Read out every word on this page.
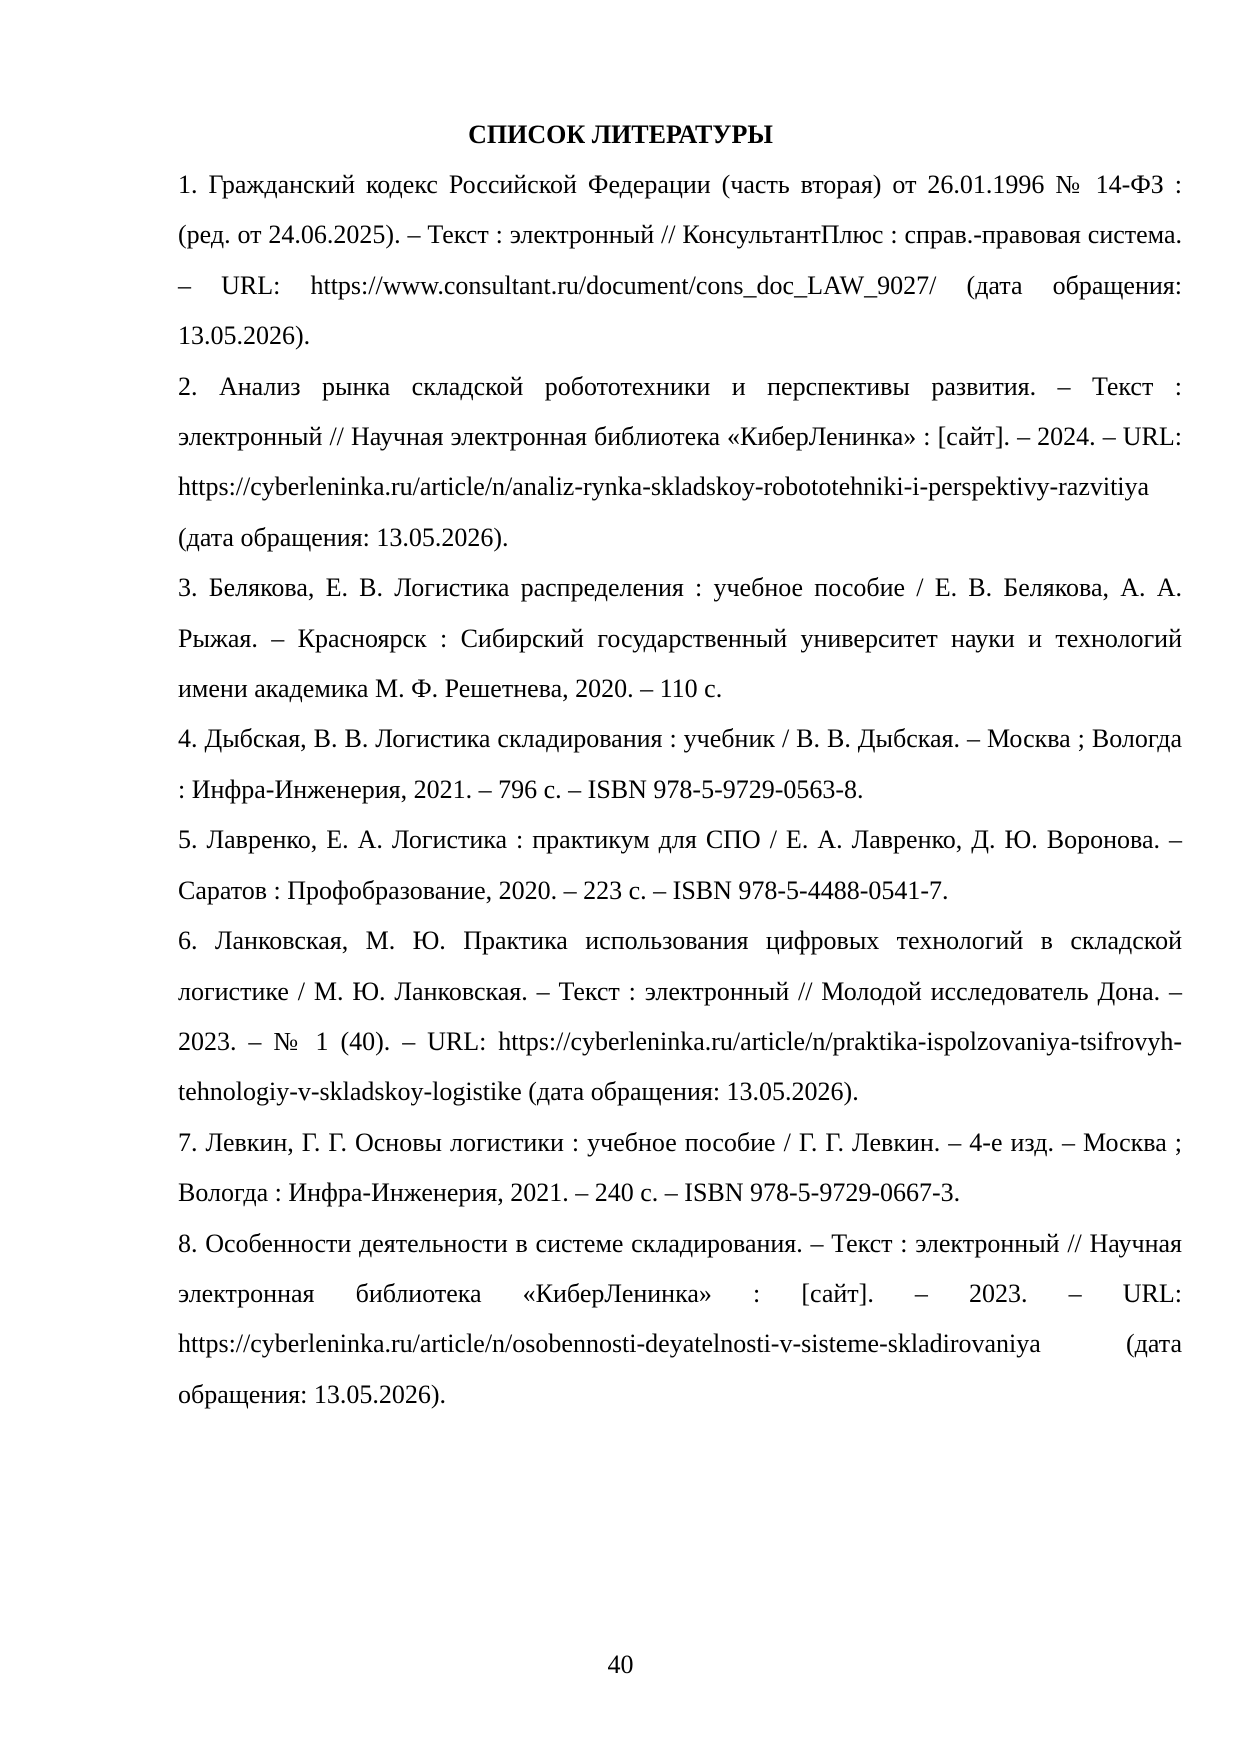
СПИСОК ЛИТЕРАТУРЫ
1. Гражданский кодекс Российской Федерации (часть вторая) от 26.01.1996 № 14-ФЗ : (ред. от 24.06.2025). – Текст : электронный // КонсультантПлюс : справ.-правовая система. – URL: https://www.consultant.ru/document/cons_doc_LAW_9027/ (дата обращения: 13.05.2026).
2. Анализ рынка складской робототехники и перспективы развития. – Текст : электронный // Научная электронная библиотека «КиберЛенинка» : [сайт]. – 2024. – URL: https://cyberleninka.ru/article/n/analiz-rynka-skladskoy-robototehniki-i-perspektivy-razvitiya (дата обращения: 13.05.2026).
3. Белякова, Е. В. Логистика распределения : учебное пособие / Е. В. Белякова, А. А. Рыжая. – Красноярск : Сибирский государственный университет науки и технологий имени академика М. Ф. Решетнева, 2020. – 110 с.
4. Дыбская, В. В. Логистика складирования : учебник / В. В. Дыбская. – Москва ; Вологда : Инфра-Инженерия, 2021. – 796 с. – ISBN 978-5-9729-0563-8.
5. Лавренко, Е. А. Логистика : практикум для СПО / Е. А. Лавренко, Д. Ю. Воронова. – Саратов : Профобразование, 2020. – 223 с. – ISBN 978-5-4488-0541-7.
6. Ланковская, М. Ю. Практика использования цифровых технологий в складской логистике / М. Ю. Ланковская. – Текст : электронный // Молодой исследователь Дона. – 2023. – № 1 (40). – URL: https://cyberleninka.ru/article/n/praktika-ispolzovaniya-tsifrovyh-tehnologiy-v-skladskoy-logistike (дата обращения: 13.05.2026).
7. Левкин, Г. Г. Основы логистики : учебное пособие / Г. Г. Левкин. – 4-е изд. – Москва ; Вологда : Инфра-Инженерия, 2021. – 240 с. – ISBN 978-5-9729-0667-3.
8. Особенности деятельности в системе складирования. – Текст : электронный // Научная электронная библиотека «КиберЛенинка» : [сайт]. – 2023. – URL: https://cyberleninka.ru/article/n/osobennosti-deyatelnosti-v-sisteme-skladirovaniya (дата обращения: 13.05.2026).
40
